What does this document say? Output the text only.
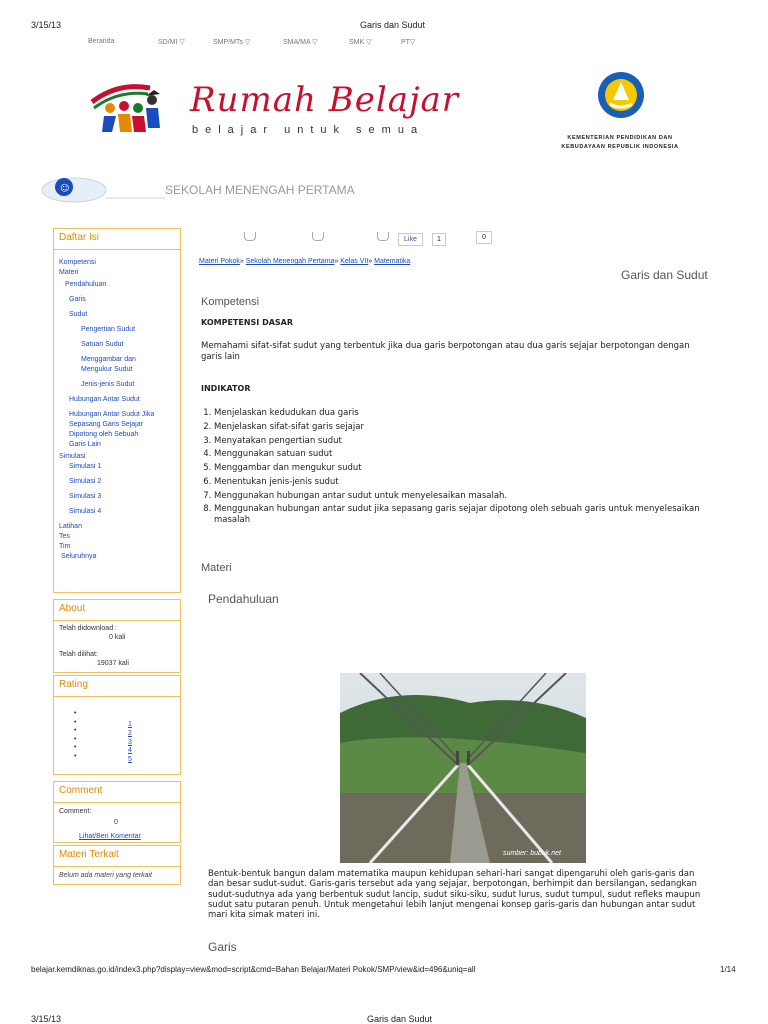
3/15/13	Garis dan Sudut
Beranda	SD/MI ▽	SMP/MTs ▽	SMA/MA ▽	SMK ▽	PT▽
Rumah Belajar
belajar untuk semua
KEMENTERIAN PENDIDIKAN DAN
KEBUDAYAAN REPUBLIK INDONESIA
☺	SEKOLAH MENENGAH PERTAMA
Daftar Isi
Kompetensi
Materi
Pendahuluan
Garis
Sudut
Pengertian Sudut
Satuan Sudut
Menggambar dan
Mengukur Sudut
Jenis-jenis Sudut
Hubungan Antar Sudut
Hubungan Antar Sudut Jika
Sepasang Garis Sejajar
Dipotong oleh Sebuah
Garis Lain
Simulasi
Simulasi 1
Simulasi 2
Simulasi 3
Simulasi 4
Latihan
Tes
Tim
Seluruhnya
About
Telah didownload :
0 kali
Telah dilihat:
19037 kali
Rating
•
•
•
•
•
•
1
2
3
4
5
Comment
Comment:
0
Lihat/Beri Komentar
Materi Terkait
Belum ada materi yang terkait
Like	1	0
Materi Pokok» Sekolah Menengah Pertama» Kelas VII» Matematika
Garis dan Sudut
Kompetensi
KOMPETENSI DASAR
Memahami sifat-sifat sudut yang terbentuk jika dua garis berpotongan atau dua garis sejajar berpotongan dengan garis lain
INDIKATOR
1. Menjelaskan kedudukan dua garis
2. Menjelaskan sifat-sifat garis sejajar
3. Menyatakan pengertian sudut
4. Menggunakan satuan sudut
5. Menggambar dan mengukur sudut
6. Menentukan jenis-jenis sudut
7. Menggunakan hubungan antar sudut untuk menyelesaikan masalah.
8. Menggunakan hubungan antar sudut jika sepasang garis sejajar dipotong oleh sebuah garis untuk menyelesaikan masalah
Materi
Pendahuluan
sumber: bubuk.net
Bentuk-bentuk bangun dalam matematika maupun kehidupan sehari-hari sangat dipengaruhi oleh garis-garis dan dan besar sudut-sudut. Garis-garis tersebut ada yang sejajar, berpotongan, berhimpit dan bersilangan, sedangkan sudut-sudutnya ada yang berbentuk sudut lancip, sudut siku-siku, sudut lurus, sudut tumpul, sudut refleks maupun sudut satu putaran penuh. Untuk mengetahui lebih lanjut mengenai konsep garis-garis dan hubungan antar sudut mari kita simak materi ini.
Garis
belajar.kemdiknas.go.id/index3.php?display=view&mod=script&cmd=Bahan Belajar/Materi Pokok/SMP/view&id=496&uniq=all	1/14
3/15/13	Garis dan Sudut
